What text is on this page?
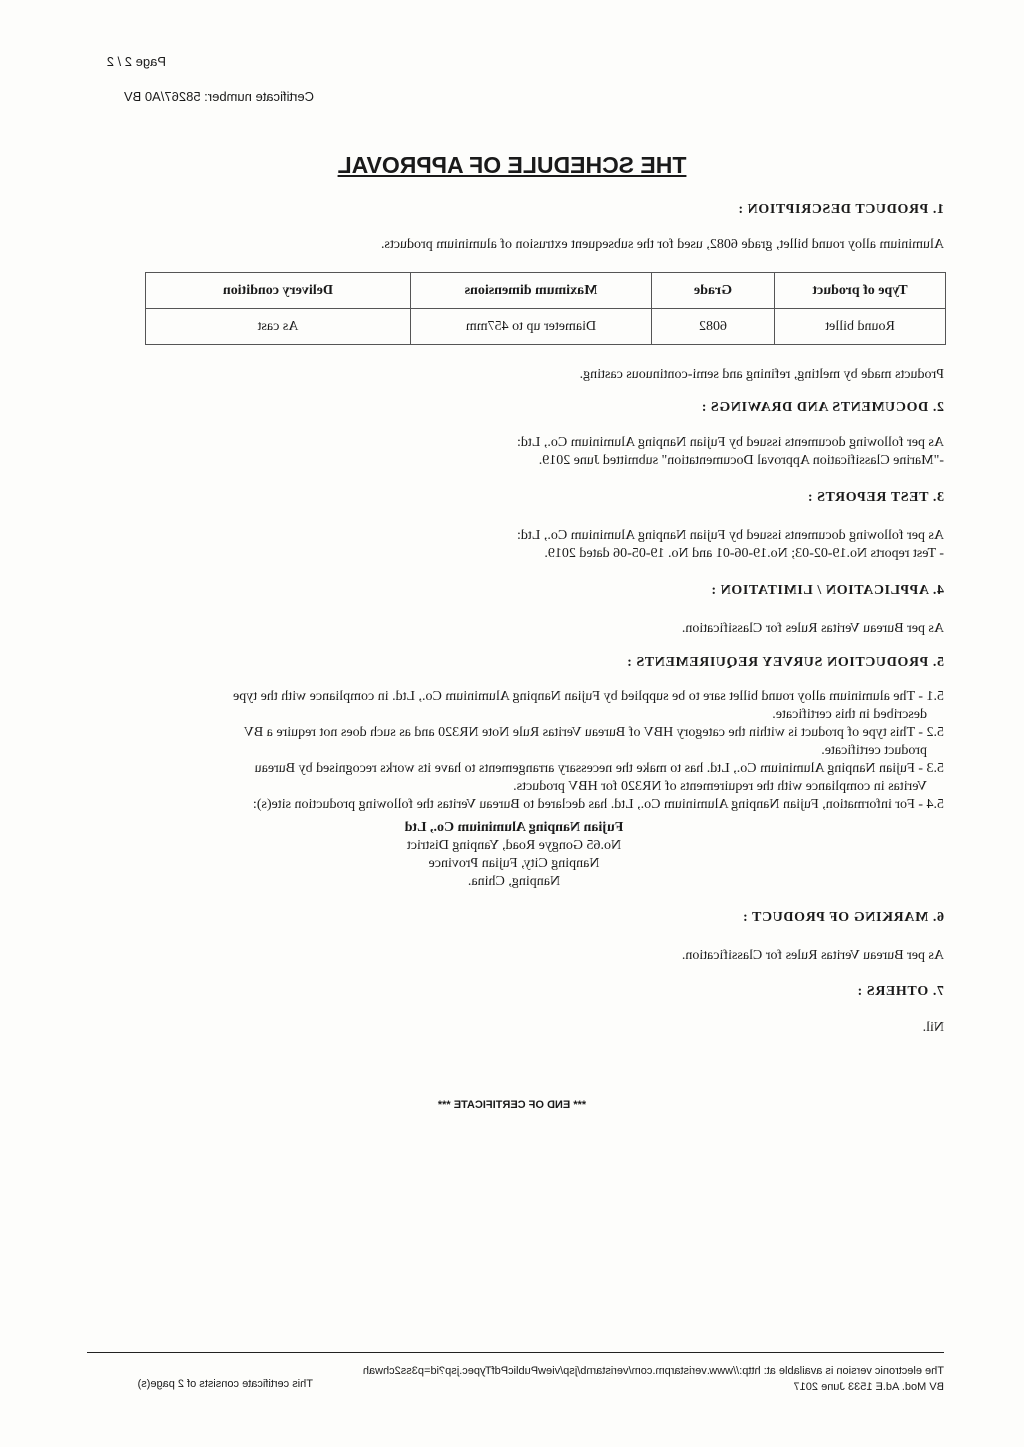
Page 2 / 2
Certificate number: 58267/A0 BV
THE SCHEDULE OF APPROVAL
1. PRODUCT DESCRIPTION :
Aluminium alloy round billet, grade 6082, used for the subsequent extrusion of aluminium products.
Type of product	Grade	Maximum dimensions	Delivery condition
Round billet	6082	Diameter up to 457mm	As cast
Products made by melting, refining and semi-continuous casting.
2. DOCUMENTS AND DRAWINGS :
As per following documents issued by Fujian Nanping Aluminium Co., Ltd:
-"Marine Classification Approval Documentation" submitted June 2019.
3. TEST REPORTS :
As per following documents issued by Fujian Nanping Aluminium Co., Ltd:
- Test reports No.19-02-03; No.19-06-01 and No. 19-05-06 dated 2019.
4. APPLICATION / LIMITATION :
As per Bureau Veritas Rules for Classification.
5. PRODUCTION SURVEY REQUIREMENTS :
5.1 - The aluminium alloy round billet sare to be supplied by Fujian Nanping Aluminium Co., Ltd. in compliance with the type
described in this certificate.
5.2 - This type of product is within the category HBV of Bureau Veritas Rule Note NR320 and as such does not require a BV
product certificate.
5.3 - Fujian Nanping Aluminium Co., Ltd. has to make the necessary arrangements to have its works recognised by Bureau
Veritas in compliance with the requirements of NR320 for HBV products.
5.4 - For information, Fujian Nanping Aluminium Co., Ltd. has declared to Bureau Veritas the following production site(s):
Fujian Nanping Aluminium Co., Ltd
No.65 Gongye Road, Yanping District
Nanping City, Fujian Province
Nanping, China.
6. MARKING OF PRODUCT :
As per Bureau Veritas Rules for Classification.
7. OTHERS :
Nil.
*** END OF CERTIFICATE ***
The electronic version is available at: http://www.veristarpm.com/veristarnb/jsp/viewPublicPdfTypec.jsp?id=p3ss2chwah
BV Mod. Ad.E 1533 June 2017
This certificate consists of 2 page(s)
